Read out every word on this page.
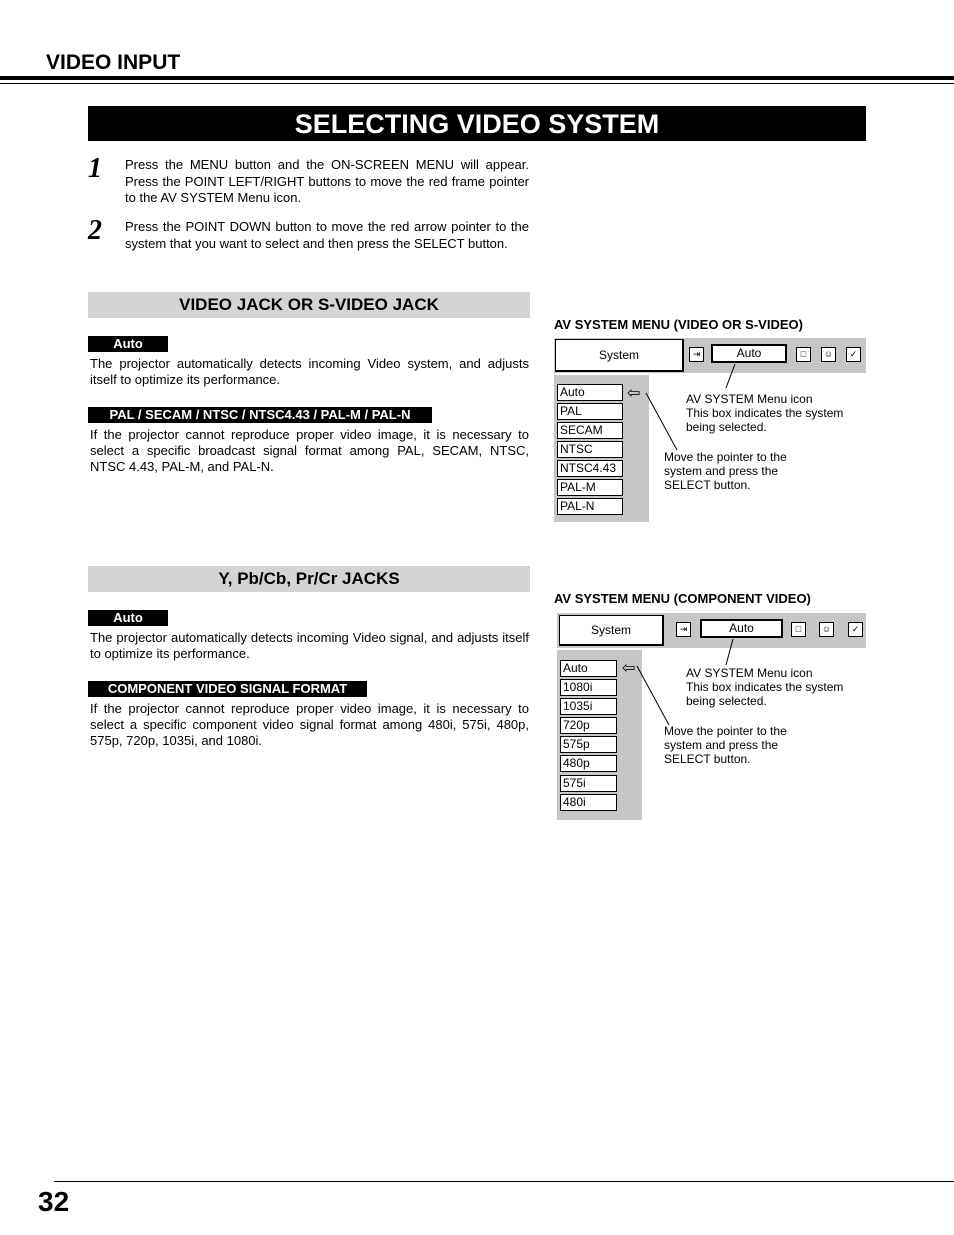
VIDEO INPUT
SELECTING VIDEO SYSTEM
1 Press the MENU button and the ON-SCREEN MENU will appear. Press the POINT LEFT/RIGHT buttons to move the red frame pointer to the AV SYSTEM Menu icon.
2 Press the POINT DOWN button to move the red arrow pointer to the system that you want to select and then press the SELECT button.
VIDEO JACK OR S-VIDEO JACK
Auto
The projector automatically detects incoming Video system, and adjusts itself to optimize its performance.
PAL / SECAM / NTSC / NTSC4.43 / PAL-M / PAL-N
If the projector cannot reproduce proper video image, it is necessary to select a specific broadcast signal format among PAL, SECAM, NTSC, NTSC 4.43, PAL-M, and PAL-N.
AV SYSTEM MENU (VIDEO OR S-VIDEO)
System	⇥	Auto	□	☺	✓
Auto
PAL
SECAM
NTSC
NTSC4.43
PAL-M
PAL-N
⇦	AV SYSTEM Menu icon
This box indicates the system
being selected.
Move the pointer to the
system and press the
SELECT button.
Y, Pb/Cb, Pr/Cr JACKS
Auto
The projector automatically detects incoming Video signal, and adjusts itself to optimize its performance.
COMPONENT VIDEO SIGNAL FORMAT
If the projector cannot reproduce proper video image, it is necessary to select a specific component video signal format among 480i, 575i, 480p, 575p, 720p, 1035i, and 1080i.
AV SYSTEM MENU (COMPONENT VIDEO)
System	⇥	Auto	□	☺	✓
Auto
1080i
1035i
720p
575p
480p
575i
480i
⇦	AV SYSTEM Menu icon
This box indicates the system
being selected.
Move the pointer to the
system and press the
SELECT button.
32
